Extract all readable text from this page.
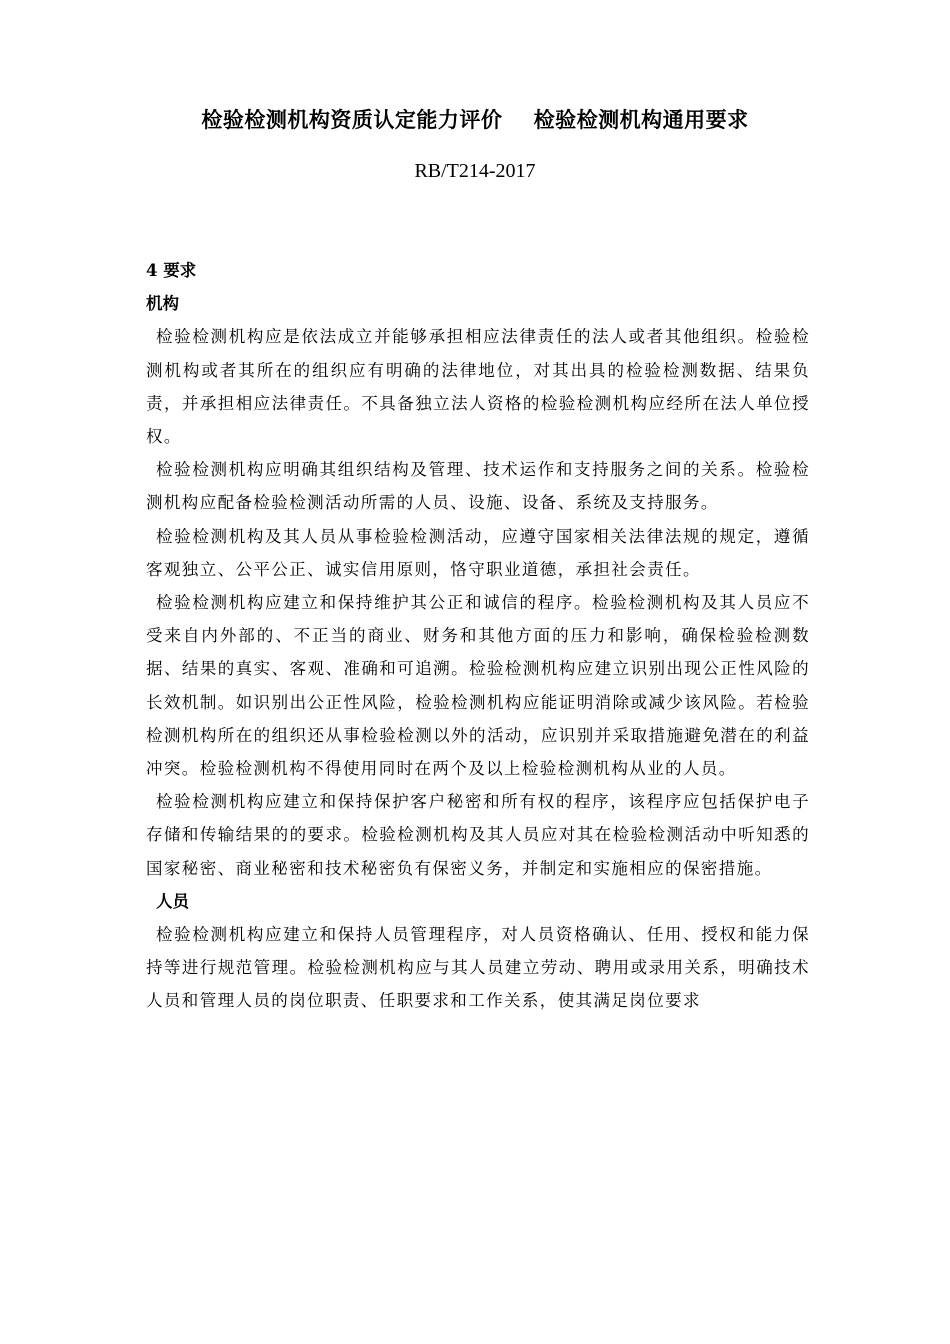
检验检测机构资质认定能力评价    检验检测机构通用要求
RB/T214-2017

4 要求

机构

检验检测机构应是依法成立并能够承担相应法律责任的法人或者其他组织。检验检测机构或者其所在的组织应有明确的法律地位，对其出具的检验检测数据、结果负责，并承担相应法律责任。不具备独立法人资格的检验检测机构应经所在法人单位授权。

检验检测机构应明确其组织结构及管理、技术运作和支持服务之间的关系。检验检测机构应配备检验检测活动所需的人员、设施、设备、系统及支持服务。

检验检测机构及其人员从事检验检测活动，应遵守国家相关法律法规的规定，遵循客观独立、公平公正、诚实信用原则，恪守职业道德，承担社会责任。

检验检测机构应建立和保持维护其公正和诚信的程序。检验检测机构及其人员应不受来自内外部的、不正当的商业、财务和其他方面的压力和影响，确保检验检测数据、结果的真实、客观、准确和可追溯。检验检测机构应建立识别出现公正性风险的长效机制。如识别出公正性风险，检验检测机构应能证明消除或减少该风险。若检验检测机构所在的组织还从事检验检测以外的活动，应识别并采取措施避免潜在的利益冲突。检验检测机构不得使用同时在两个及以上检验检测机构从业的人员。

检验检测机构应建立和保持保护客户秘密和所有权的程序，该程序应包括保护电子存储和传输结果的的要求。检验检测机构及其人员应对其在检验检测活动中听知悉的国家秘密、商业秘密和技术秘密负有保密义务，并制定和实施相应的保密措施。

人员

检验检测机构应建立和保持人员管理程序，对人员资格确认、任用、授权和能力保持等进行规范管理。检验检测机构应与其人员建立劳动、聘用或录用关系，明确技术人员和管理人员的岗位职责、任职要求和工作关系，使其满足岗位要求
